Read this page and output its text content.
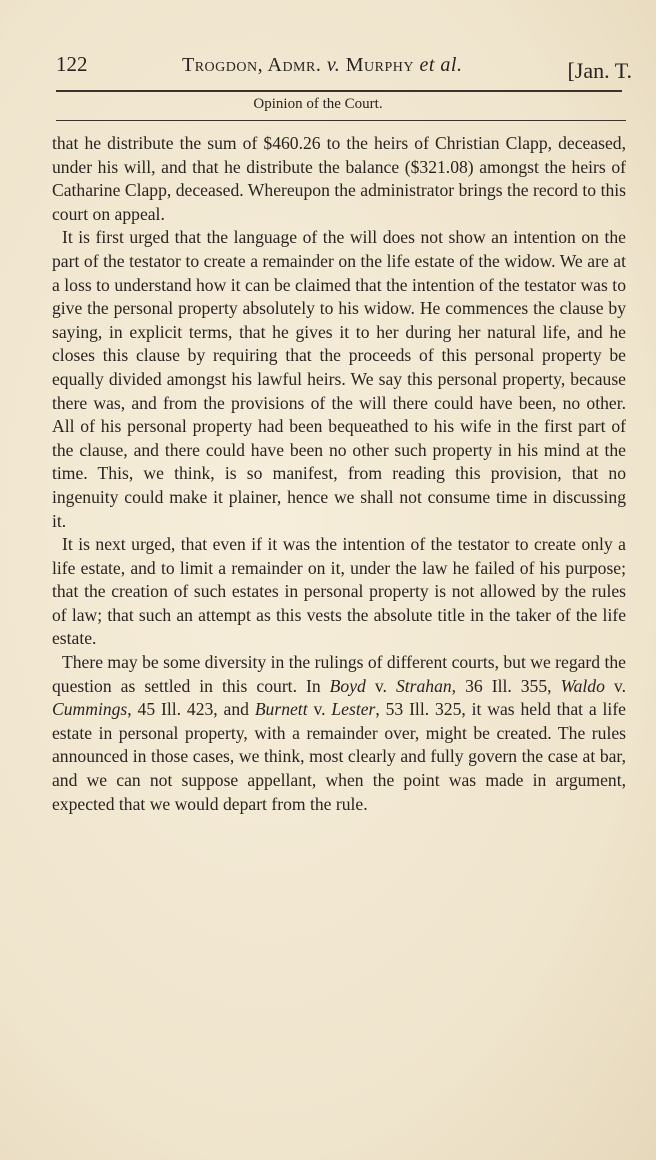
122	Trogdon, Admr. v. Murphy et al.	[Jan. T.
Opinion of the Court.

that he distribute the sum of $460.26 to the heirs of Christian Clapp, deceased, under his will, and that he distribute the balance ($321.08) amongst the heirs of Catharine Clapp, deceased. Whereupon the administrator brings the record to this court on appeal.

It is first urged that the language of the will does not show an intention on the part of the testator to create a remainder on the life estate of the widow. We are at a loss to understand how it can be claimed that the intention of the testator was to give the personal property absolutely to his widow. He commences the clause by saying, in explicit terms, that he gives it to her during her natural life, and he closes this clause by requiring that the proceeds of this personal property be equally divided amongst his lawful heirs. We say this personal property, because there was, and from the provisions of the will there could have been, no other. All of his personal property had been bequeathed to his wife in the first part of the clause, and there could have been no other such property in his mind at the time. This, we think, is so manifest, from reading this provision, that no ingenuity could make it plainer, hence we shall not consume time in discussing it.

It is next urged, that even if it was the intention of the testator to create only a life estate, and to limit a remainder on it, under the law he failed of his purpose; that the creation of such estates in personal property is not allowed by the rules of law; that such an attempt as this vests the absolute title in the taker of the life estate.

There may be some diversity in the rulings of different courts, but we regard the question as settled in this court. In Boyd v. Strahan, 36 Ill. 355, Waldo v. Cummings, 45 Ill. 423, and Burnett v. Lester, 53 Ill. 325, it was held that a life estate in personal property, with a remainder over, might be created. The rules announced in those cases, we think, most clearly and fully govern the case at bar, and we can not suppose appellant, when the point was made in argument, expected that we would depart from the rule.
